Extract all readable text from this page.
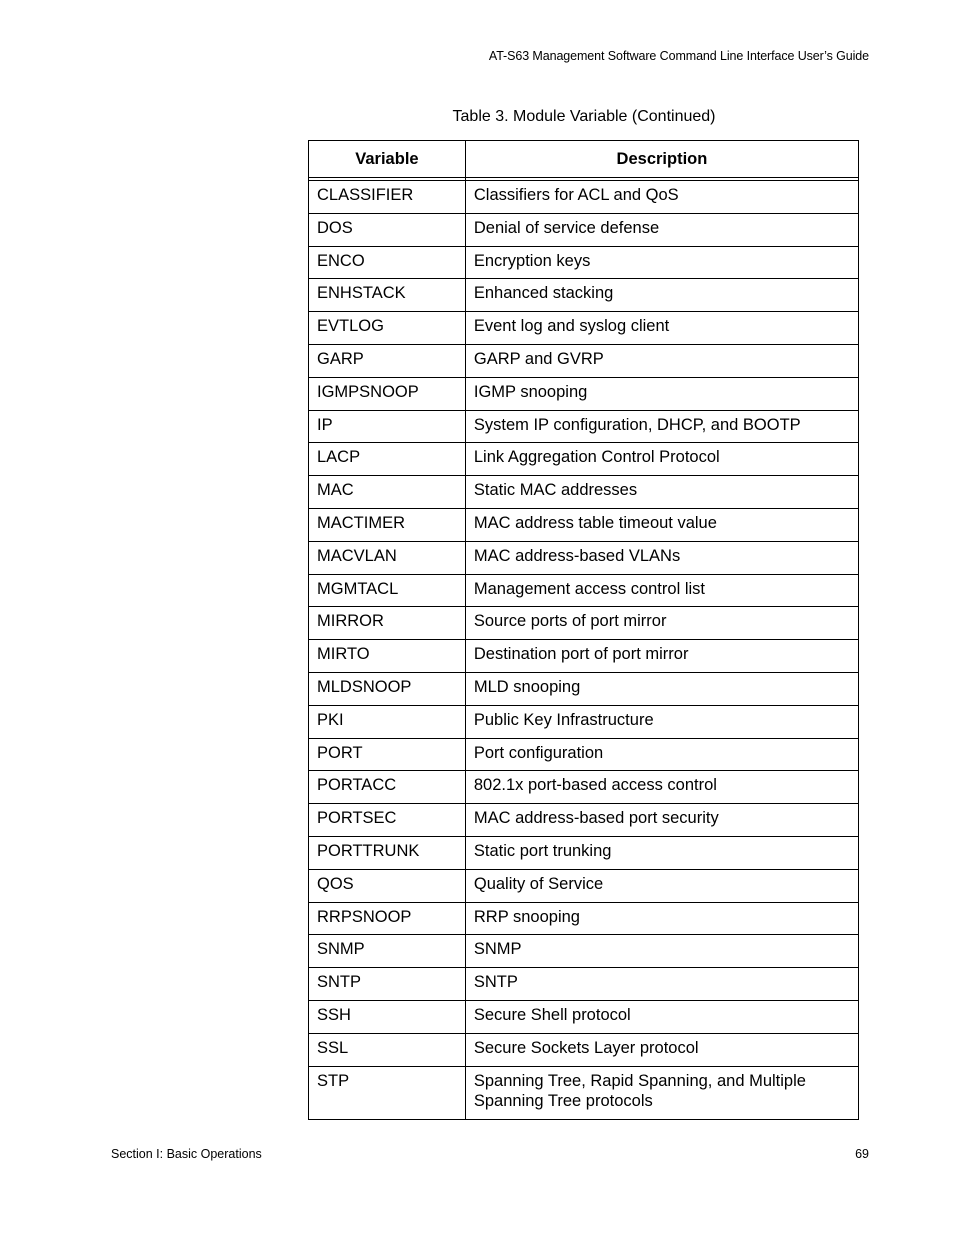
AT-S63 Management Software Command Line Interface User’s Guide
Table 3. Module Variable (Continued)
Variable	Description

CLASSIFIER	Classifiers for ACL and QoS
DOS	Denial of service defense
ENCO	Encryption keys
ENHSTACK	Enhanced stacking
EVTLOG	Event log and syslog client
GARP	GARP and GVRP
IGMPSNOOP	IGMP snooping
IP	System IP configuration, DHCP, and BOOTP
LACP	Link Aggregation Control Protocol
MAC	Static MAC addresses
MACTIMER	MAC address table timeout value
MACVLAN	MAC address-based VLANs
MGMTACL	Management access control list
MIRROR	Source ports of port mirror
MIRTO	Destination port of port mirror
MLDSNOOP	MLD snooping
PKI	Public Key Infrastructure
PORT	Port configuration
PORTACC	802.1x port-based access control
PORTSEC	MAC address-based port security
PORTTRUNK	Static port trunking
QOS	Quality of Service
RRPSNOOP	RRP snooping
SNMP	SNMP
SNTP	SNTP
SSH	Secure Shell protocol
SSL	Secure Sockets Layer protocol
STP	Spanning Tree, Rapid Spanning, and Multiple
Spanning Tree protocols
Section I: Basic Operations	69
